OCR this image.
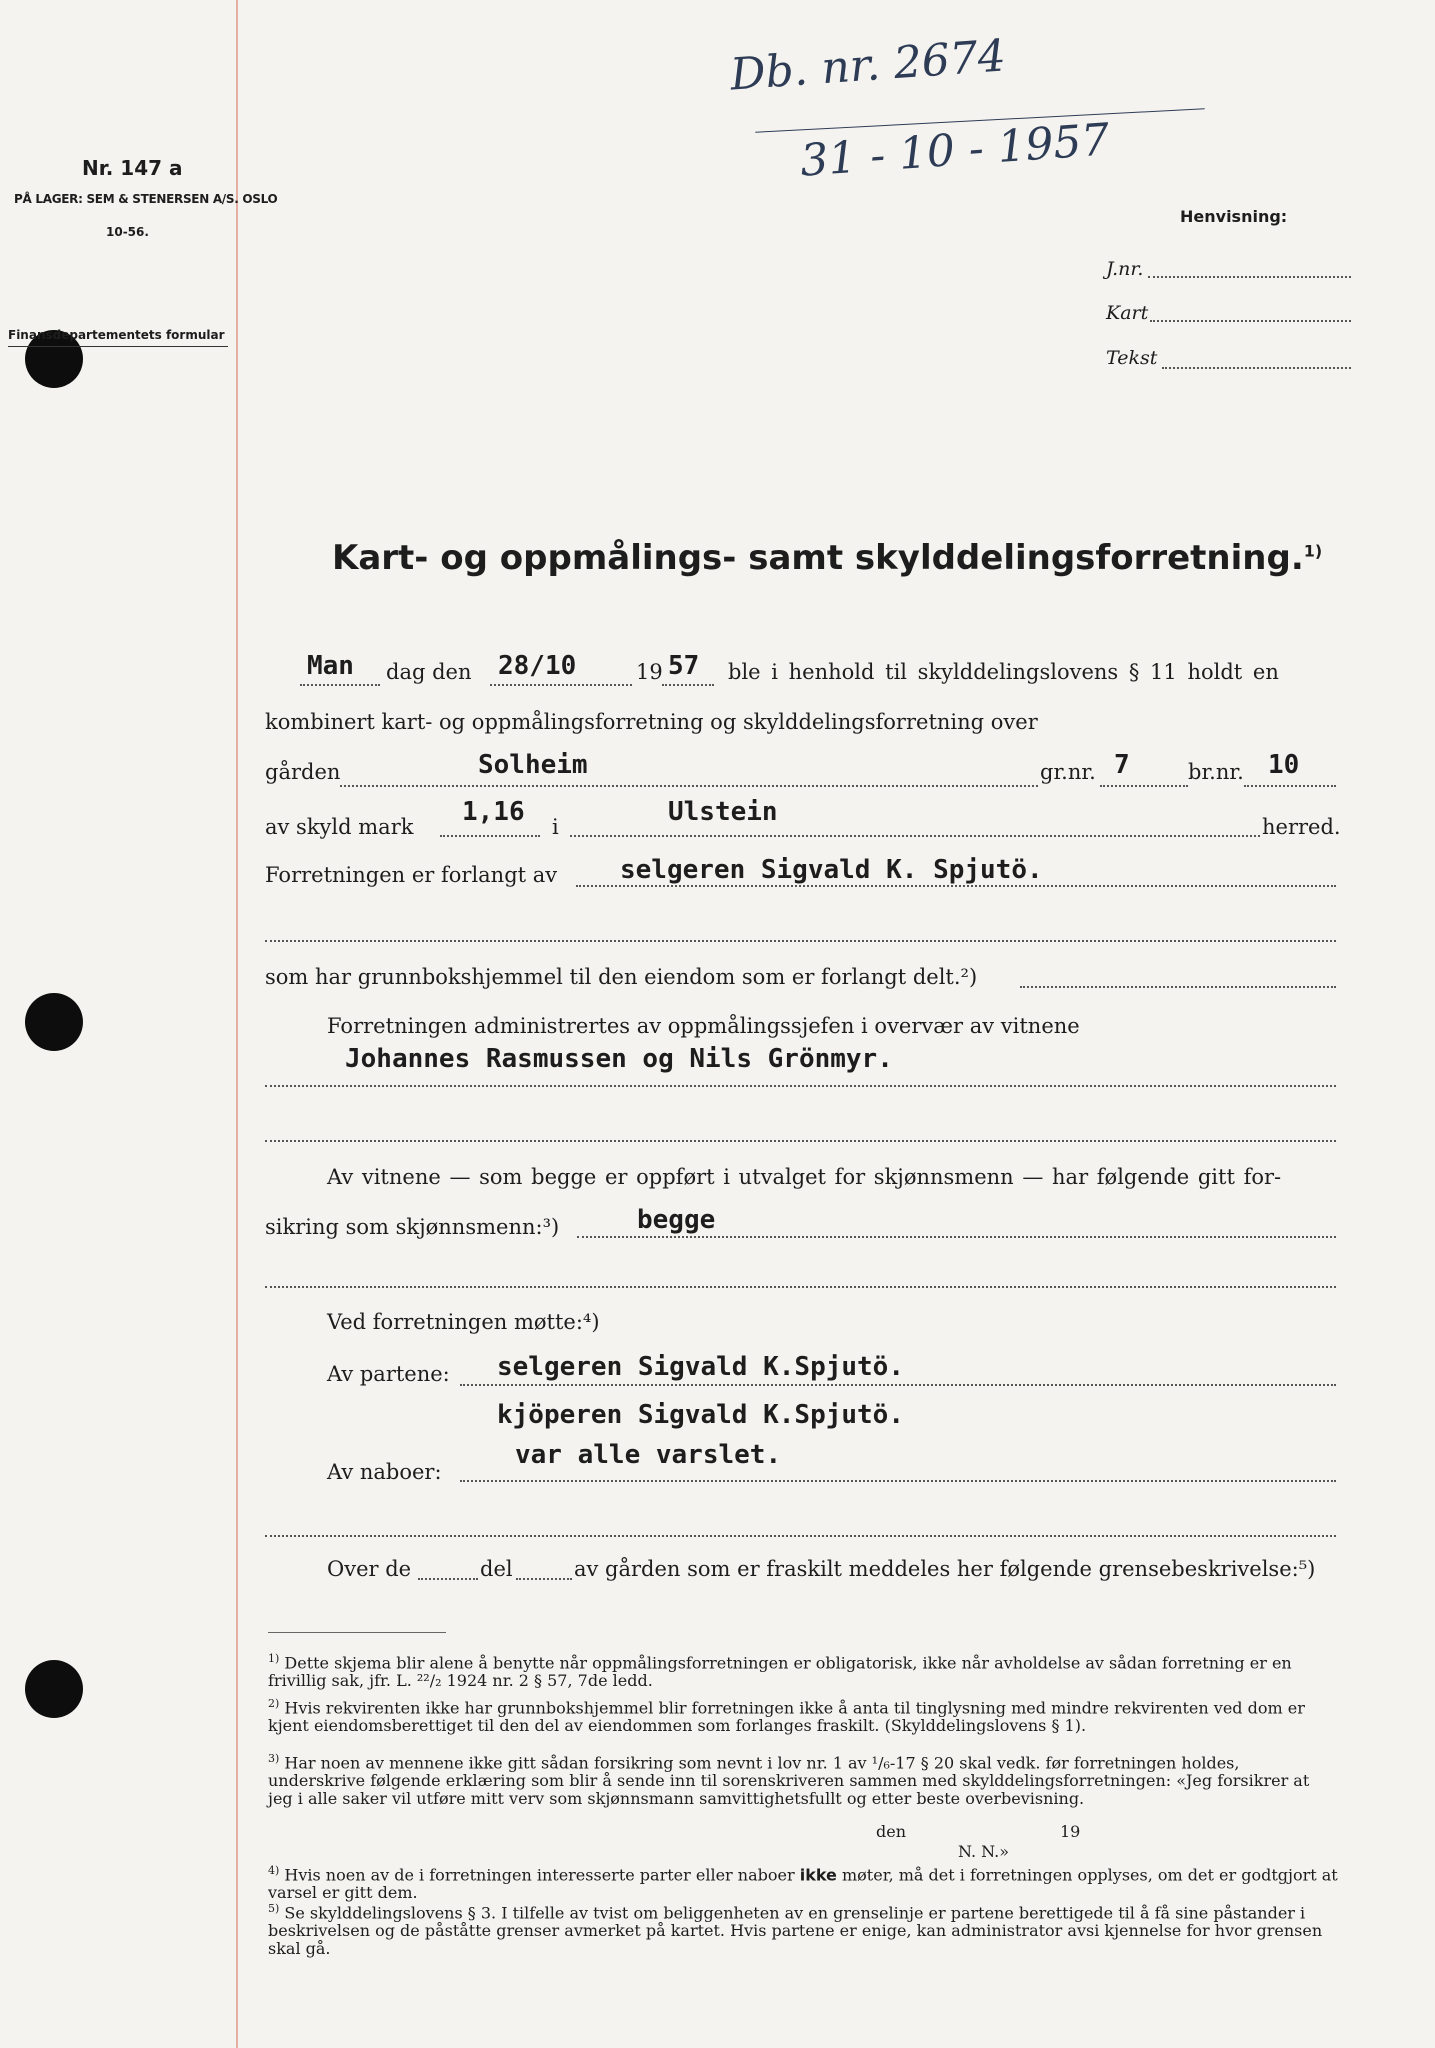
Db. nr. 2674
31 - 10 - 1957
Nr. 147 a
PÅ LAGER: SEM & STENERSEN A/S. OSLO
10-56.
Finansdepartementets formular
Henvisning:
J.nr.
Kart
Tekst
Kart- og oppmålings- samt skylddelingsforretning.$^{1)}$
Man dag den 28/10	19 57 ble i henhold til skylddelingslovens § 11 holdt en
kombinert kart- og oppmålingsforretning og skylddelingsforretning over
gården	Solheim	gr.nr. 7	br.nr. 10
av skyld mark 1,16 i	Ulstein	herred.
Forretningen er forlangt av selgeren Sigvald K. Spjutö.
som har grunnbokshjemmel til den eiendom som er forlangt delt.²)
Forretningen administrertes av oppmålingssjefen i overvær av vitnene
Johannes Rasmussen og Nils Grönmyr.
Av vitnene — som begge er oppført i utvalget for skjønnsmenn — har følgende gitt for-
sikring som skjønnsmenn:³)	begge
Ved forretningen møtte:⁴)
Av partene: selgeren Sigvald K.Spjutö.
kjöperen Sigvald K.Spjutö.
var alle varslet.
Av naboer:
Over de	del	av gården som er fraskilt meddeles her følgende grensebeskrivelse:⁵)
$^{1)}$ Dette skjema blir alene å benytte når oppmålingsforretningen er obligatorisk, ikke når avholdelse av sådan forretning er en frivillig sak, jfr. L. ²²/₂ 1924 nr. 2 § 57, 7de ledd.
$^{2)}$ Hvis rekvirenten ikke har grunnbokshjemmel blir forretningen ikke å anta til tinglysning med mindre rekvirenten ved dom er kjent eiendomsberettiget til den del av eiendommen som forlanges fraskilt. (Skylddelingslovens § 1).
$^{3)}$ Har noen av mennene ikke gitt sådan forsikring som nevnt i lov nr. 1 av ¹/₆-17 § 20 skal vedk. før forretningen holdes, underskrive følgende erklæring som blir å sende inn til sorenskriveren sammen med skylddelingsforretningen: «Jeg forsikrer at jeg i alle saker vil utføre mitt verv som skjønnsmann samvittighetsfullt og etter beste overbevisning.
den	19
N. N.»
$^{4)}$ Hvis noen av de i forretningen interesserte parter eller naboer ikke møter, må det i forretningen opplyses, om det er godtgjort at varsel er gitt dem.
$^{5)}$ Se skylddelingslovens § 3. I tilfelle av tvist om beliggenheten av en grenselinje er partene berettigede til å få sine påstander i beskrivelsen og de påståtte grenser avmerket på kartet. Hvis partene er enige, kan administrator avsi kjennelse for hvor grensen skal gå.
